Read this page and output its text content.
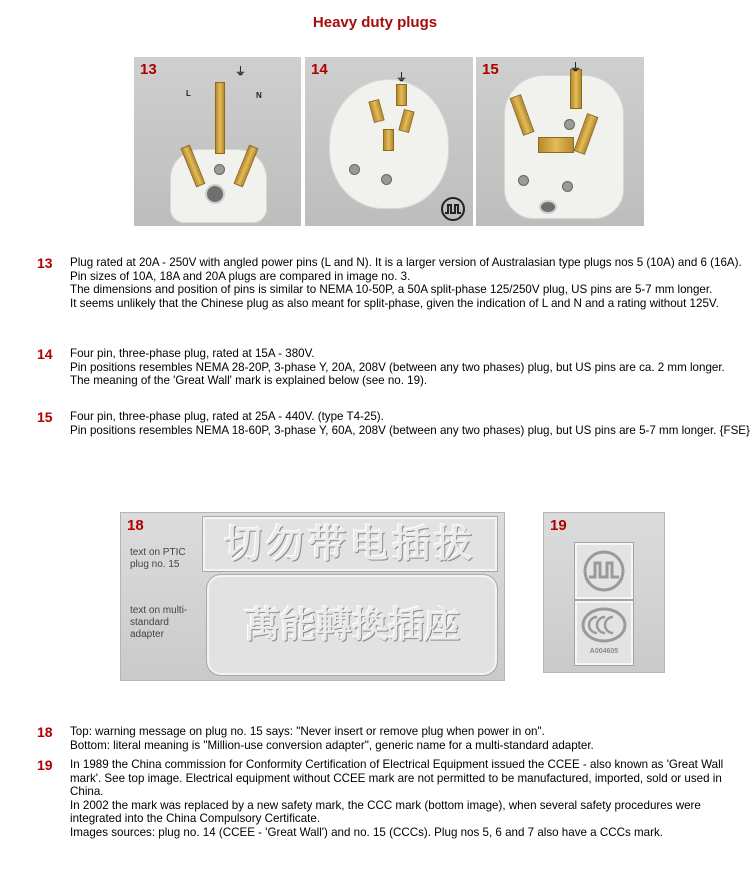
Heavy duty plugs
13
L	N
⏚	14	⏚	15	⏚
13 Plug rated at 20A - 250V with angled power pins (L and N). It is a larger version of Australasian type plugs nos 5 (10A) and 6 (16A). Pin sizes of 10A, 18A and 20A plugs are compared in image no. 3.

The dimensions and position of pins is similar to NEMA 10-50P, a 50A split-phase 125/250V plug, US pins are 5-7 mm longer.

It seems unlikely that the Chinese plug as also meant for split-phase, given the indication of L and N and a rating without 125V.

14 Four pin, three-phase plug, rated at 15A - 380V.

Pin positions resembles NEMA 28-20P, 3-phase Y, 20A, 208V (between any two phases) plug, but US pins are ca. 2 mm longer.

The meaning of the 'Great Wall' mark is explained below (see no. 19).

15 Four pin, three-phase plug, rated at 25A - 440V. (type T4-25).

Pin positions resembles NEMA 18-60P, 3-phase Y, 60A, 208V (between any two phases) plug, but US pins are 5-7 mm longer. {FSE}

18
text on PTIC plug no. 15	切勿带电插拔
text on multi-standard adapter	萬能轉換插座
19
A004605
18 Top: warning message on plug no. 15 says: "Never insert or remove plug when power in on".

Bottom: literal meaning is "Million-use conversion adapter", generic name for a multi-standard adapter.

19 In 1989 the China commission for Conformity Certification of Electrical Equipment issued the CCEE - also known as 'Great Wall mark'. See top image. Electrical equipment without CCEE mark are not permitted to be manufactured, imported, sold or used in China.

In 2002 the mark was replaced by a new safety mark, the CCC mark (bottom image), when several safety procedures were integrated into the China Compulsory Certificate.

Images sources: plug no. 14 (CCEE - 'Great Wall') and no. 15 (CCCs). Plug nos 5, 6 and 7 also have a CCCs mark.
